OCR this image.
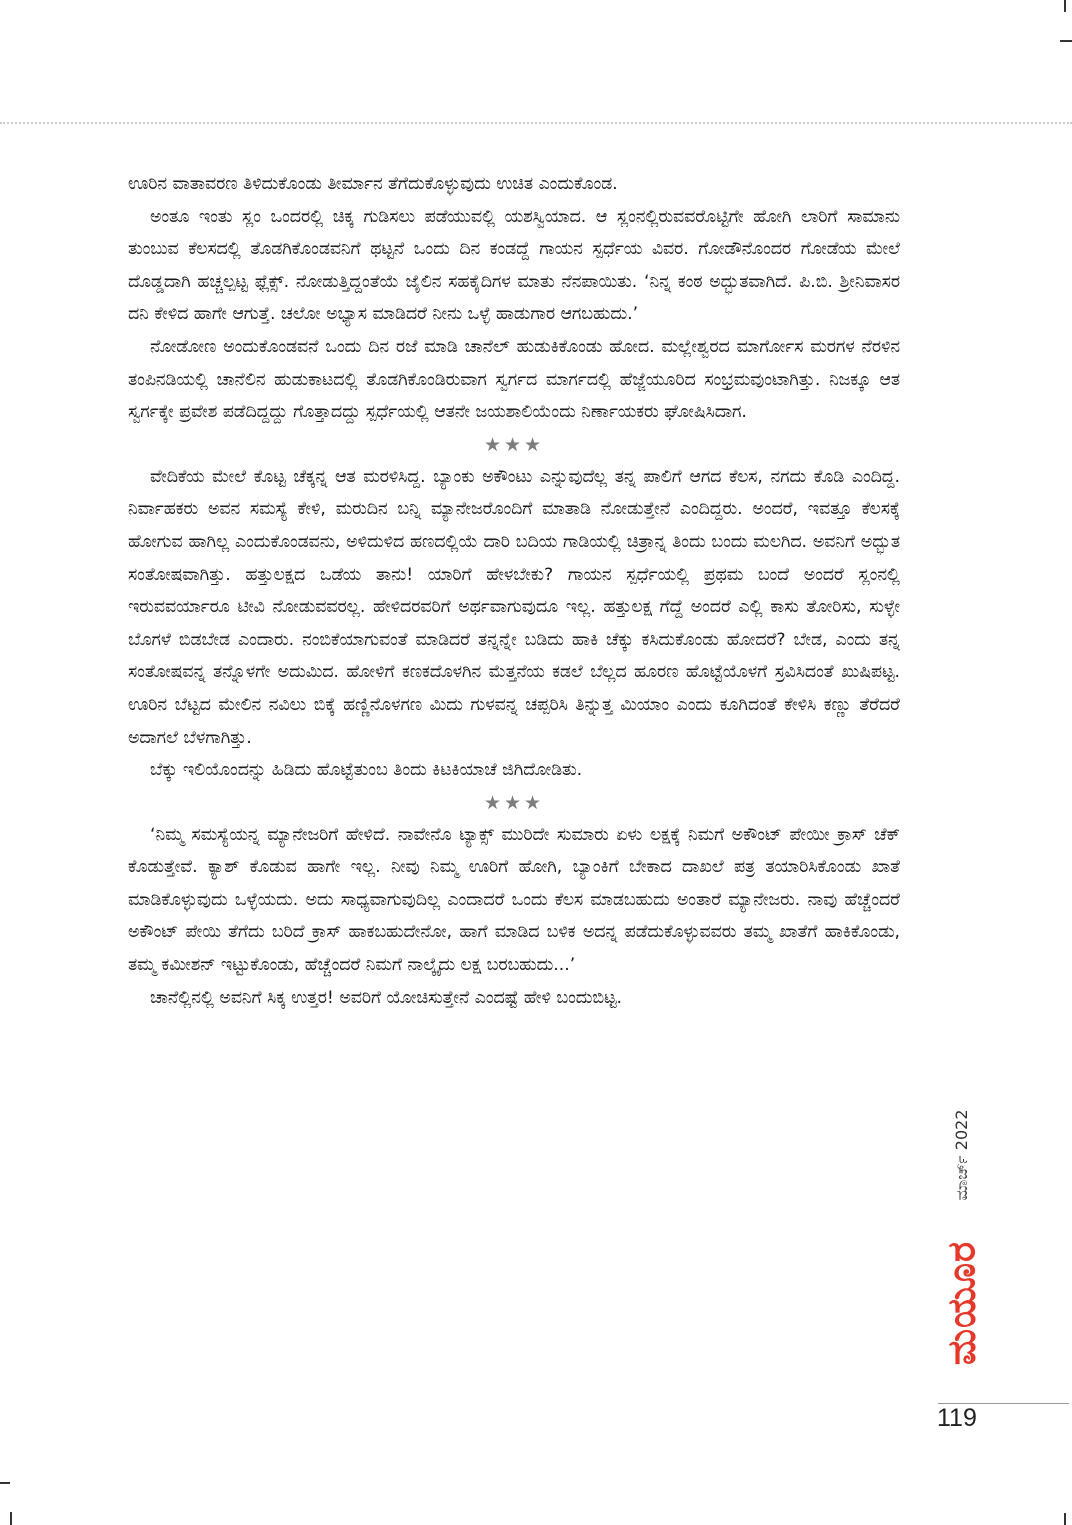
ಊರಿನ ವಾತಾವರಣ ತಿಳಿದುಕೊಂಡು ತೀರ್ಮಾನ ತೆಗೆದುಕೊಳ್ಳುವುದು ಉಚಿತ ಎಂದುಕೊಂಡ.

ಅಂತೂ ಇಂತು ಸ್ಲಂ ಒಂದರಲ್ಲಿ ಚಿಕ್ಕ ಗುಡಿಸಲು ಪಡೆಯುವಲ್ಲಿ ಯಶಸ್ವಿಯಾದ. ಆ ಸ್ಲಂನಲ್ಲಿರುವವರೊಟ್ಟಿಗೇ ಹೋಗಿ ಲಾರಿಗೆ ಸಾಮಾನು ತುಂಬುವ ಕೆಲಸದಲ್ಲಿ ತೊಡಗಿಕೊಂಡವನಿಗೆ ಥಟ್ಟನೆ ಒಂದು ದಿನ ಕಂಡದ್ದೆ ಗಾಯನ ಸ್ಪರ್ಧೆಯ ವಿವರ. ಗೋಡೌನೊಂದರ ಗೋಡೆಯ ಮೇಲೆ ದೊಡ್ಡದಾಗಿ ಹಚ್ಚಲ್ಪಟ್ಟ ಫ್ಲೆಕ್ಸ್. ನೋಡುತ್ತಿದ್ದಂತೆಯೆ ಜೈಲಿನ ಸಹಕೈದಿಗಳ ಮಾತು ನೆನಪಾಯಿತು. ‘ನಿನ್ನ ಕಂಠ ಅದ್ಭುತವಾಗಿದೆ. ಪಿ.ಬಿ. ಶ್ರೀನಿವಾಸರ ದನಿ ಕೇಳಿದ ಹಾಗೇ ಆಗುತ್ತೆ. ಚಲೋ ಅಭ್ಯಾಸ ಮಾಡಿದರೆ ನೀನು ಒಳ್ಳೆ ಹಾಡುಗಾರ ಆಗಬಹುದು.’

ನೋಡೋಣ ಅಂದುಕೊಂಡವನೆ ಒಂದು ದಿನ ರಜೆ ಮಾಡಿ ಚಾನೆಲ್ ಹುಡುಕಿಕೊಂಡು ಹೋದ. ಮಲ್ಲೇಶ್ವರದ ಮಾರ್ಗೋಸ ಮರಗಳ ನೆರಳಿನ ತಂಪಿನಡಿಯಲ್ಲಿ ಚಾನೆಲಿನ ಹುಡುಕಾಟದಲ್ಲಿ ತೊಡಗಿಕೊಂಡಿರುವಾಗ ಸ್ವರ್ಗದ ಮಾರ್ಗದಲ್ಲಿ ಹೆಜ್ಜೆಯೂರಿದ ಸಂಭ್ರಮವುಂಟಾಗಿತ್ತು. ನಿಜಕ್ಕೂ ಆತ ಸ್ವರ್ಗಕ್ಕೇ ಪ್ರವೇಶ ಪಡೆದಿದ್ದದ್ದು ಗೊತ್ತಾದದ್ದು ಸ್ಪರ್ಧೆಯಲ್ಲಿ ಆತನೇ ಜಯಶಾಲಿಯೆಂದು ನಿರ್ಣಾಯಕರು ಘೋಷಿಸಿದಾಗ.

★★★

ವೇದಿಕೆಯ ಮೇಲೆ ಕೊಟ್ಟ ಚೆಕ್ಕನ್ನ ಆತ ಮರಳಿಸಿದ್ದ. ಬ್ಯಾಂಕು ಅಕೌಂಟು ಎನ್ನುವುದೆಲ್ಲ ತನ್ನ ಪಾಲಿಗೆ ಆಗದ ಕೆಲಸ, ನಗದು ಕೊಡಿ ಎಂದಿದ್ದ. ನಿರ್ವಾಹಕರು ಅವನ ಸಮಸ್ಯೆ ಕೇಳಿ, ಮರುದಿನ ಬನ್ನಿ ಮ್ಯಾನೇಜರೊಂದಿಗೆ ಮಾತಾಡಿ ನೋಡುತ್ತೇನೆ ಎಂದಿದ್ದರು. ಅಂದರೆ, ಇವತ್ತೂ ಕೆಲಸಕ್ಕೆ ಹೋಗುವ ಹಾಗಿಲ್ಲ ಎಂದುಕೊಂಡವನು, ಅಳಿದುಳಿದ ಹಣದಲ್ಲಿಯೆ ದಾರಿ ಬದಿಯ ಗಾಡಿಯಲ್ಲಿ ಚಿತ್ರಾನ್ನ ತಿಂದು ಬಂದು ಮಲಗಿದ. ಅವನಿಗೆ ಅದ್ಭುತ ಸಂತೋಷವಾಗಿತ್ತು. ಹತ್ತುಲಕ್ಷದ ಒಡೆಯ ತಾನು! ಯಾರಿಗೆ ಹೇಳಬೇಕು? ಗಾಯನ ಸ್ಪರ್ಧೆಯಲ್ಲಿ ಪ್ರಥಮ ಬಂದೆ ಅಂದರೆ ಸ್ಲಂನಲ್ಲಿ ಇರುವವರ್ಯಾರೂ ಟೀವಿ ನೋಡುವವರಲ್ಲ. ಹೇಳಿದರವರಿಗೆ ಅರ್ಥವಾಗುವುದೂ ಇಲ್ಲ. ಹತ್ತುಲಕ್ಷ ಗೆದ್ದೆ ಅಂದರೆ ಎಲ್ಲಿ ಕಾಸು ತೋರಿಸು, ಸುಳ್ಳೇ ಬೊಗಳೆ ಬಿಡಬೇಡ ಎಂದಾರು. ನಂಬಿಕೆಯಾಗುವಂತೆ ಮಾಡಿದರೆ ತನ್ನನ್ನೇ ಬಡಿದು ಹಾಕಿ ಚೆಕ್ಕು ಕಸಿದುಕೊಂಡು ಹೋದರೆ? ಬೇಡ, ಎಂದು ತನ್ನ ಸಂತೋಷವನ್ನ ತನ್ನೊಳಗೇ ಅದುಮಿದ. ಹೋಳಿಗೆ ಕಣಕದೊಳಗಿನ ಮೆತ್ತನೆಯ ಕಡಲೆ ಬೆಲ್ಲದ ಹೂರಣ ಹೊಟ್ಟೆಯೊಳಗೆ ಸ್ರವಿಸಿದಂತೆ ಖುಷಿಪಟ್ಟ. ಊರಿನ ಬೆಟ್ಟದ ಮೇಲಿನ ನವಿಲು ಬಿಕ್ಕೆ ಹಣ್ಣಿನೊಳಗಣ ಮಿದು ಗುಳವನ್ನ ಚಪ್ಪರಿಸಿ ತಿನ್ನುತ್ತ ಮಿಯಾಂ ಎಂದು ಕೂಗಿದಂತೆ ಕೇಳಿಸಿ ಕಣ್ಣು ತೆರೆದರೆ ಅದಾಗಲೆ ಬೆಳಗಾಗಿತ್ತು.

ಬೆಕ್ಕು ಇಲಿಯೊಂದನ್ನು ಹಿಡಿದು ಹೊಟ್ಟೆತುಂಬ ತಿಂದು ಕಿಟಕಿಯಾಚೆ ಜಿಗಿದೋಡಿತು.

★★★

‘ನಿಮ್ಮ ಸಮಸ್ಯೆಯನ್ನ ಮ್ಯಾನೇಜರಿಗೆ ಹೇಳಿದೆ. ನಾವೇನೊ ಟ್ಯಾಕ್ಸ್ ಮುರಿದೇ ಸುಮಾರು ಏಳು ಲಕ್ಷಕ್ಕೆ ನಿಮಗೆ ಅಕೌಂಟ್ ಪೇಯೀ ಕ್ರಾಸ್ ಚೆಕ್ ಕೊಡುತ್ತೇವೆ. ಕ್ಯಾಶ್ ಕೊಡುವ ಹಾಗೇ ಇಲ್ಲ. ನೀವು ನಿಮ್ಮ ಊರಿಗೆ ಹೋಗಿ, ಬ್ಯಾಂಕಿಗೆ ಬೇಕಾದ ದಾಖಲೆ ಪತ್ರ ತಯಾರಿಸಿಕೊಂಡು ಖಾತೆ ಮಾಡಿಕೊಳ್ಳುವುದು ಒಳ್ಳೆಯದು. ಅದು ಸಾಧ್ಯವಾಗುವುದಿಲ್ಲ ಎಂದಾದರೆ ಒಂದು ಕೆಲಸ ಮಾಡಬಹುದು ಅಂತಾರೆ ಮ್ಯಾನೇಜರು. ನಾವು ಹೆಚ್ಚೆಂದರೆ ಅಕೌಂಟ್ ಪೇಯಿ ತೆಗೆದು ಬರಿದೆ ಕ್ರಾಸ್ ಹಾಕಬಹುದೇನೋ, ಹಾಗೆ ಮಾಡಿದ ಬಳಿಕ ಅದನ್ನ ಪಡೆದುಕೊಳ್ಳುವವರು ತಮ್ಮ ಖಾತೆಗೆ ಹಾಕಿಕೊಂಡು, ತಮ್ಮ ಕಮೀಶನ್ ಇಟ್ಟುಕೊಂಡು, ಹೆಚ್ಚೆಂದರೆ ನಿಮಗೆ ನಾಲ್ಕೈದು ಲಕ್ಷ ಬರಬಹುದು...’

ಚಾನೆಲ್ಲಿನಲ್ಲಿ ಅವನಿಗೆ ಸಿಕ್ಕ ಉತ್ತರ! ಅವರಿಗೆ ಯೋಚಿಸುತ್ತೇನೆ ಎಂದಷ್ಟೆ ಹೇಳಿ ಬಂದುಬಿಟ್ಟ.

ಮಾರ್ಚ್ 2022
ಮಯೂರ
119
